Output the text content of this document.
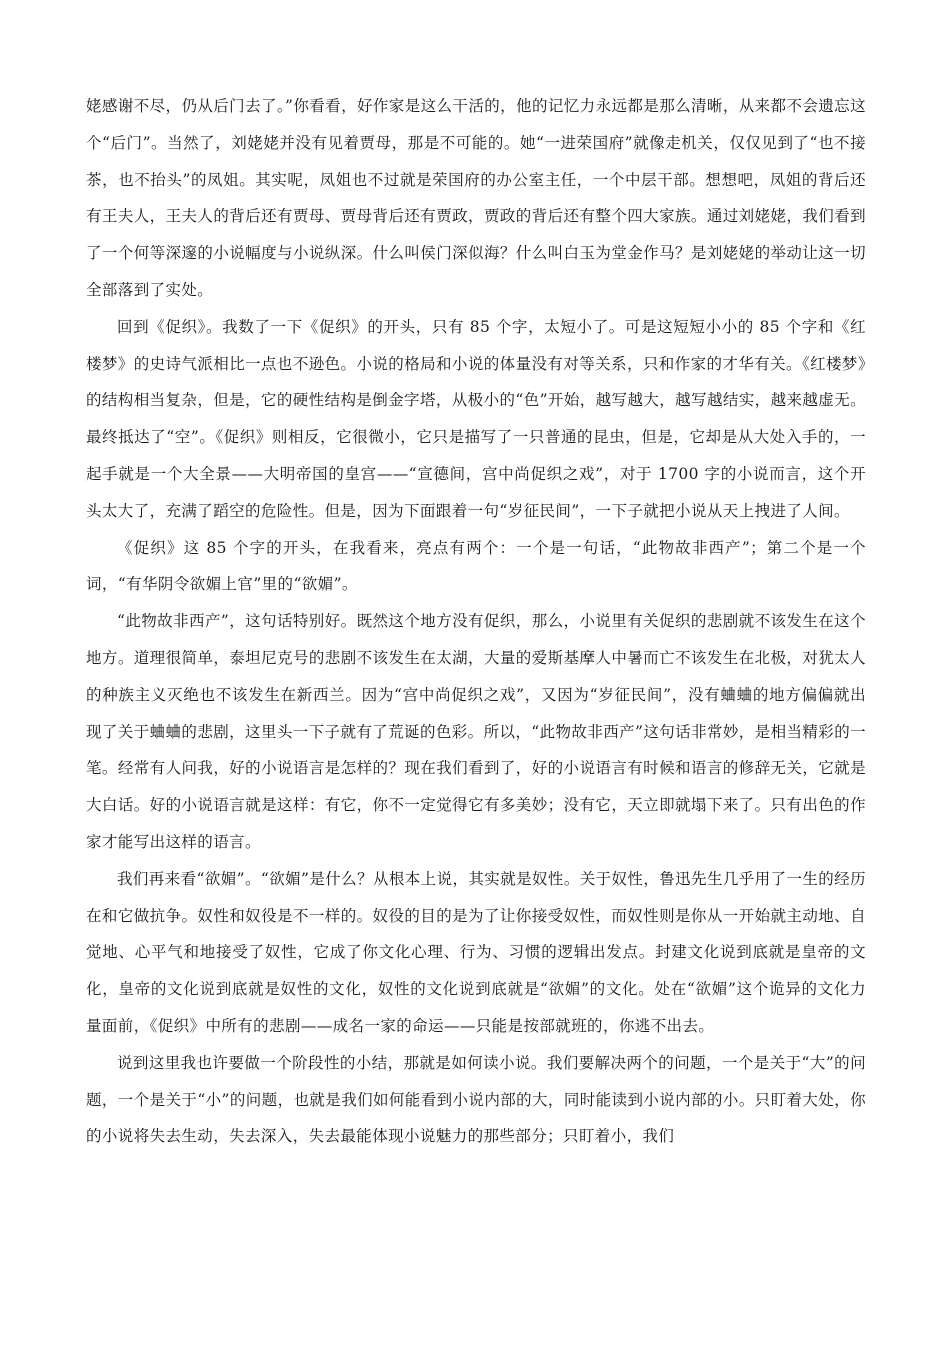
姥感谢不尽，仍从后门去了。”你看看，好作家是这么干活的，他的记忆力永远都是那么清晰，从来都不会遗忘这个“后门”。当然了，刘姥姥并没有见着贾母，那是不可能的。她“一进荣国府”就像走机关，仅仅见到了“也不接茶，也不抬头”的凤姐。其实呢，凤姐也不过就是荣国府的办公室主任，一个中层干部。想想吧，凤姐的背后还有王夫人，王夫人的背后还有贾母、贾母背后还有贾政，贾政的背后还有整个四大家族。通过刘姥姥，我们看到了一个何等深邃的小说幅度与小说纵深。什么叫侯门深似海？什么叫白玉为堂金作马？是刘姥姥的举动让这一切全部落到了实处。

回到《促织》。我数了一下《促织》的开头，只有 85 个字，太短小了。可是这短短小小的 85 个字和《红楼梦》的史诗气派相比一点也不逊色。小说的格局和小说的体量没有对等关系，只和作家的才华有关。《红楼梦》的结构相当复杂，但是，它的硬性结构是倒金字塔，从极小的“色”开始，越写越大，越写越结实，越来越虚无。最终抵达了“空”。《促织》则相反，它很微小，它只是描写了一只普通的昆虫，但是，它却是从大处入手的，一起手就是一个大全景——大明帝国的皇宫——“宣德间，宫中尚促织之戏”，对于 1700 字的小说而言，这个开头太大了，充满了蹈空的危险性。但是，因为下面跟着一句“岁征民间”，一下子就把小说从天上拽进了人间。

《促织》这 85 个字的开头，在我看来，亮点有两个：一个是一句话，“此物故非西产”；第二个是一个词，“有华阴令欲媚上官”里的“欲媚”。

“此物故非西产”，这句话特别好。既然这个地方没有促织，那么，小说里有关促织的悲剧就不该发生在这个地方。道理很简单，泰坦尼克号的悲剧不该发生在太湖，大量的爱斯基摩人中暑而亡不该发生在北极，对犹太人的种族主义灭绝也不该发生在新西兰。因为“宫中尚促织之戏”，又因为“岁征民间”，没有蛐蛐的地方偏偏就出现了关于蛐蛐的悲剧，这里头一下子就有了荒诞的色彩。所以，“此物故非西产”这句话非常妙，是相当精彩的一笔。经常有人问我，好的小说语言是怎样的？现在我们看到了，好的小说语言有时候和语言的修辞无关，它就是大白话。好的小说语言就是这样：有它，你不一定觉得它有多美妙；没有它，天立即就塌下来了。只有出色的作家才能写出这样的语言。

我们再来看“欲媚”。“欲媚”是什么？从根本上说，其实就是奴性。关于奴性，鲁迅先生几乎用了一生的经历在和它做抗争。奴性和奴役是不一样的。奴役的目的是为了让你接受奴性，而奴性则是你从一开始就主动地、自觉地、心平气和地接受了奴性，它成了你文化心理、行为、习惯的逻辑出发点。封建文化说到底就是皇帝的文化，皇帝的文化说到底就是奴性的文化，奴性的文化说到底就是“欲媚”的文化。处在“欲媚”这个诡异的文化力量面前，《促织》中所有的悲剧——成名一家的命运——只能是按部就班的，你逃不出去。

说到这里我也许要做一个阶段性的小结，那就是如何读小说。我们要解决两个的问题，一个是关于“大”的问题，一个是关于“小”的问题，也就是我们如何能看到小说内部的大，同时能读到小说内部的小。只盯着大处，你的小说将失去生动，失去深入，失去最能体现小说魅力的那些部分；只盯着小，我们
